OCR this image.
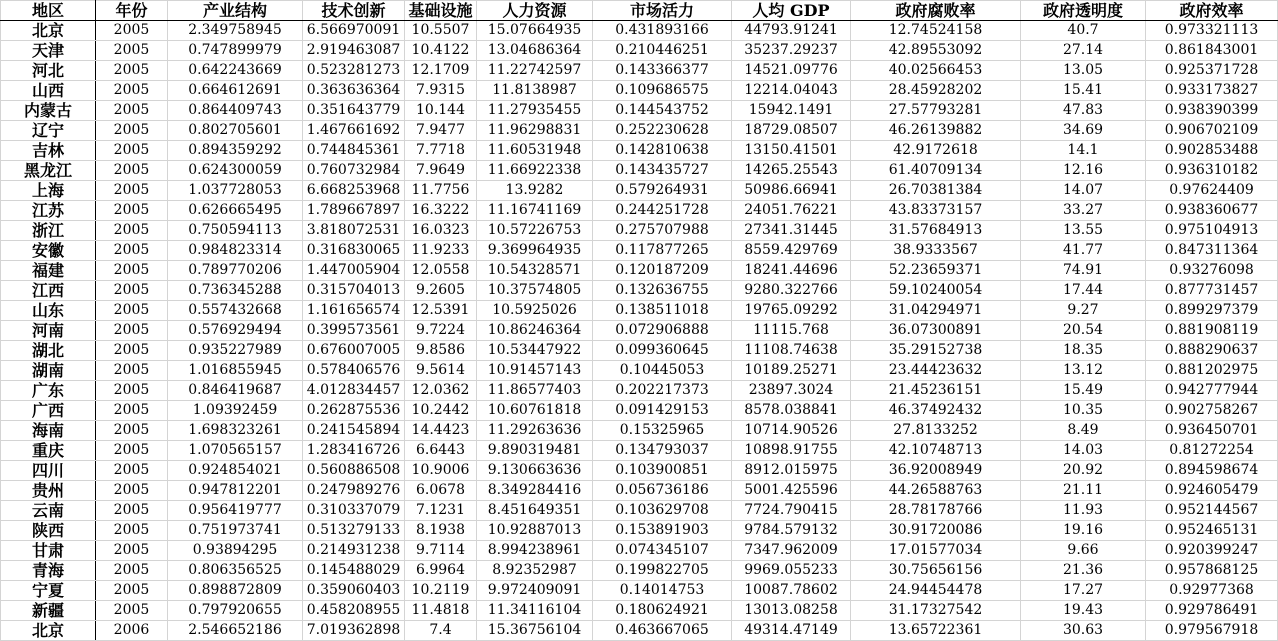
地区	年份	产业结构	技术创新	基础设施	人力资源	市场活力	人均 GDP	政府腐败率	政府透明度	政府效率
北京	2005	2.349758945	6.566970091	10.5507	15.07664935	0.431893166	44793.91241	12.74524158	40.7	0.973321113
天津	2005	0.747899979	2.919463087	10.4122	13.04686364	0.210446251	35237.29237	42.89553092	27.14	0.861843001
河北	2005	0.642243669	0.523281273	12.1709	11.22742597	0.143366377	14521.09776	40.02566453	13.05	0.925371728
山西	2005	0.664612691	0.363636364	7.9315	11.8138987	0.109686575	12214.04043	28.45928202	15.41	0.933173827
内蒙古	2005	0.864409743	0.351643779	10.144	11.27935455	0.144543752	15942.1491	27.57793281	47.83	0.938390399
辽宁	2005	0.802705601	1.467661692	7.9477	11.96298831	0.252230628	18729.08507	46.26139882	34.69	0.906702109
吉林	2005	0.894359292	0.744845361	7.7718	11.60531948	0.142810638	13150.41501	42.9172618	14.1	0.902853488
黑龙江	2005	0.624300059	0.760732984	7.9649	11.66922338	0.143435727	14265.25543	61.40709134	12.16	0.936310182
上海	2005	1.037728053	6.668253968	11.7756	13.9282	0.579264931	50986.66941	26.70381384	14.07	0.97624409
江苏	2005	0.626665495	1.789667897	16.3222	11.16741169	0.244251728	24051.76221	43.83373157	33.27	0.938360677
浙江	2005	0.750594113	3.818072531	16.0323	10.57226753	0.275707988	27341.31445	31.57684913	13.55	0.975104913
安徽	2005	0.984823314	0.316830065	11.9233	9.369964935	0.117877265	8559.429769	38.9333567	41.77	0.847311364
福建	2005	0.789770206	1.447005904	12.0558	10.54328571	0.120187209	18241.44696	52.23659371	74.91	0.93276098
江西	2005	0.736345288	0.315704013	9.2605	10.37574805	0.132636755	9280.322766	59.10240054	17.44	0.877731457
山东	2005	0.557432668	1.161656574	12.5391	10.5925026	0.138511018	19765.09292	31.04294971	9.27	0.899297379
河南	2005	0.576929494	0.399573561	9.7224	10.86246364	0.072906888	11115.768	36.07300891	20.54	0.881908119
湖北	2005	0.935227989	0.676007005	9.8586	10.53447922	0.099360645	11108.74638	35.29152738	18.35	0.888290637
湖南	2005	1.016855945	0.578406576	9.5614	10.91457143	0.10445053	10189.25271	23.44423632	13.12	0.881202975
广东	2005	0.846419687	4.012834457	12.0362	11.86577403	0.202217373	23897.3024	21.45236151	15.49	0.942777944
广西	2005	1.09392459	0.262875536	10.2442	10.60761818	0.091429153	8578.038841	46.37492432	10.35	0.902758267
海南	2005	1.698323261	0.241545894	14.4423	11.29263636	0.15325965	10714.90526	27.8133252	8.49	0.936450701
重庆	2005	1.070565157	1.283416726	6.6443	9.890319481	0.134793037	10898.91755	42.10748713	14.03	0.81272254
四川	2005	0.924854021	0.560886508	10.9006	9.130663636	0.103900851	8912.015975	36.92008949	20.92	0.894598674
贵州	2005	0.947812201	0.247989276	6.0678	8.349284416	0.056736186	5001.425596	44.26588763	21.11	0.924605479
云南	2005	0.956419777	0.310337079	7.1231	8.451649351	0.103629708	7724.790415	28.78178766	11.93	0.952144567
陕西	2005	0.751973741	0.513279133	8.1938	10.92887013	0.153891903	9784.579132	30.91720086	19.16	0.952465131
甘肃	2005	0.93894295	0.214931238	9.7114	8.994238961	0.074345107	7347.962009	17.01577034	9.66	0.920399247
青海	2005	0.806356525	0.145488029	6.9964	8.92352987	0.199822705	9969.055233	30.75656156	21.36	0.957868125
宁夏	2005	0.898872809	0.359060403	10.2119	9.972409091	0.14014753	10087.78602	24.94454478	17.27	0.92977368
新疆	2005	0.797920655	0.458208955	11.4818	11.34116104	0.180624921	13013.08258	31.17327542	19.43	0.929786491
北京	2006	2.546652186	7.019362898	7.4	15.36756104	0.463667065	49314.47149	13.65722361	30.63	0.979567918
